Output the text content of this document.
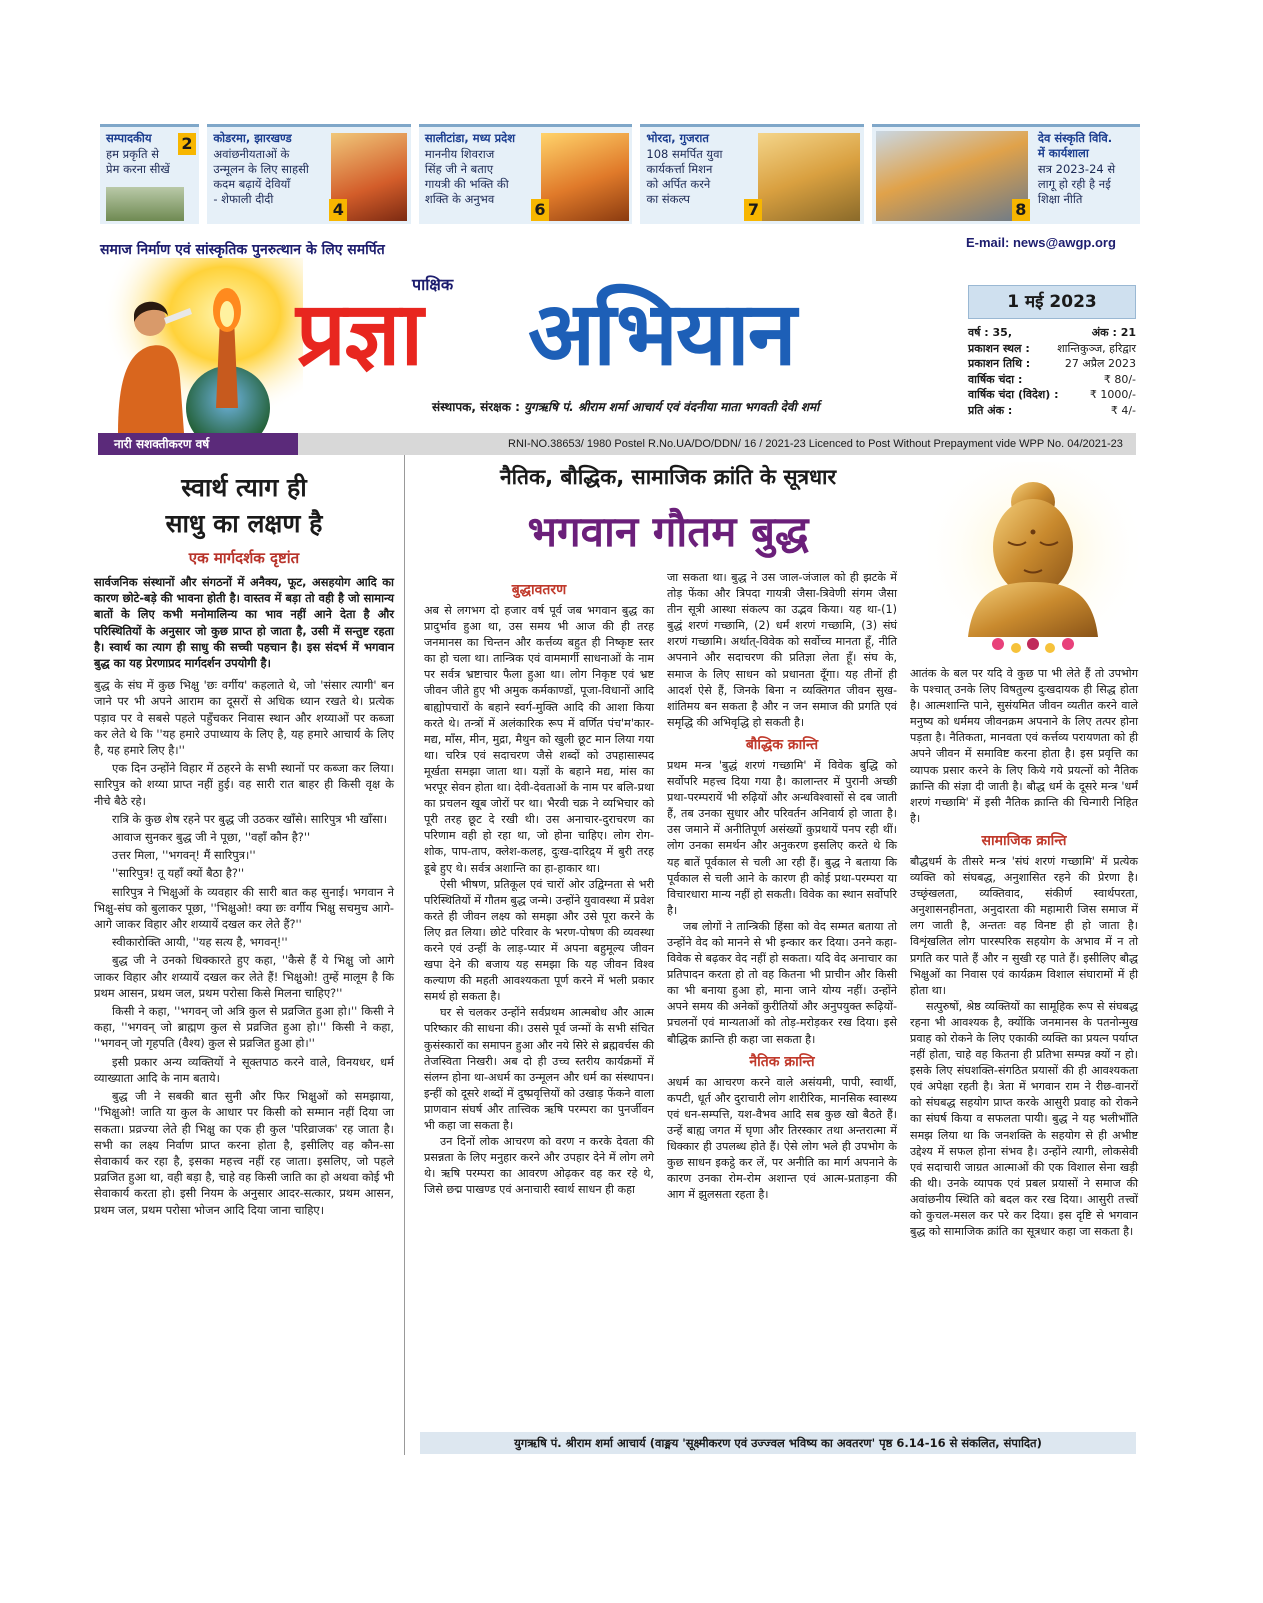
सम्पादकीय
हम प्रकृति से
प्रेम करना सीखें
2	कोडरमा, झारखण्ड
अवांछनीयताओं के
उन्मूलन के लिए साहसी
कदम बढ़ायें देवियाँ
- शेफाली दीदी
4
सालीटांडा, मध्य प्रदेश
माननीय शिवराज
सिंह जी ने बताए
गायत्री की भक्ति की
शक्ति के अनुभव
6
भोरदा, गुजरात
108 समर्पित युवा
कार्यकर्त्ता मिशन
को अर्पित करने
का संकल्प
7	8
देव संस्कृति विवि.
में कार्यशाला
सत्र 2023-24 से
लागू हो रही है नई
शिक्षा नीति
समाज निर्माण एवं सांस्कृतिक पुनरुत्थान के लिए समर्पित	E-mail: news@awgp.org
पाक्षिक
प्रज्ञा अभियान
संस्थापक, संरक्षक : युगऋषि पं. श्रीराम शर्मा आचार्य एवं वंदनीया माता भगवती देवी शर्मा
1 मई 2023
वर्ष : 35,	अंक : 21
प्रकाशन स्थल : शान्तिकुञ्ज, हरिद्वार
प्रकाशन तिथि :	27 अप्रैल 2023
वार्षिक चंदा :	₹ 80/-
वार्षिक चंदा (विदेश) :	₹ 1000/-
प्रति अंक :	₹ 4/-
नारी सशक्तीकरण वर्ष	RNI-NO.38653/ 1980 Postel R.No.UA/DO/DDN/ 16 / 2021-23 Licenced to Post Without Prepayment vide WPP No. 04/2021-23
स्वार्थ त्याग ही
साधु का लक्षण है
एक मार्गदर्शक दृष्टांत

सार्वजनिक संस्थानों और संगठनों में अनैक्य, फूट, असहयोग आदि का कारण छोटे-बड़े की भावना होती है। वास्तव में बड़ा तो वही है जो सामान्य बातों के लिए कभी मनोमालिन्य का भाव नहीं आने देता है और परिस्थितियों के अनुसार जो कुछ प्राप्त हो जाता है, उसी में सन्तुष्ट रहता है। स्वार्थ का त्याग ही साधु की सच्ची पहचान है। इस संदर्भ में भगवान बुद्ध का यह प्रेरणाप्रद मार्गदर्शन उपयोगी है।

बुद्ध के संघ में कुछ भिक्षु 'छः वर्गीय' कहलाते थे, जो 'संसार त्यागी' बन जाने पर भी अपने आराम का दूसरों से अधिक ध्यान रखते थे। प्रत्येक पड़ाव पर वे सबसे पहले पहुँचकर निवास स्थान और शय्याओं पर कब्जा कर लेते थे कि ''यह हमारे उपाध्याय के लिए है, यह हमारे आचार्य के लिए है, यह हमारे लिए है।''

एक दिन उन्होंने विहार में ठहरने के सभी स्थानों पर कब्जा कर लिया। सारिपुत्र को शय्या प्राप्त नहीं हुई। वह सारी रात बाहर ही किसी वृक्ष के नीचे बैठे रहे।

रात्रि के कुछ शेष रहने पर बुद्ध जी उठकर खाँसे। सारिपुत्र भी खाँसा।

आवाज सुनकर बुद्ध जी ने पूछा, ''वहाँ कौन है?''

उत्तर मिला, ''भगवन्! मैं सारिपुत्र।''

''सारिपुत्र! तू यहाँ क्यों बैठा है?''

सारिपुत्र ने भिक्षुओं के व्यवहार की सारी बात कह सुनाई। भगवान ने भिक्षु-संघ को बुलाकर पूछा, ''भिक्षुओ! क्या छः वर्गीय भिक्षु सचमुच आगे-आगे जाकर विहार और शय्यायें दखल कर लेते हैं?''

स्वीकारोक्ति आयी, ''यह सत्य है, भगवन्!''

बुद्ध जी ने उनको धिक्कारते हुए कहा, ''कैसे हैं ये भिक्षु जो आगे जाकर विहार और शय्यायें दखल कर लेते हैं! भिक्षुओ! तुम्हें मालूम है कि प्रथम आसन, प्रथम जल, प्रथम परोसा किसे मिलना चाहिए?''

किसी ने कहा, ''भगवन् जो अत्रि कुल से प्रव्रजित हुआ हो।'' किसी ने कहा, ''भगवन् जो ब्राह्मण कुल से प्रव्रजित हुआ हो।'' किसी ने कहा, ''भगवन् जो गृहपति (वैश्य) कुल से प्रव्रजित हुआ हो।''

इसी प्रकार अन्य व्यक्तियों ने सूक्तपाठ करने वाले, विनयधर, धर्म व्याख्याता आदि के नाम बताये।

बुद्ध जी ने सबकी बात सुनी और फिर भिक्षुओं को समझाया, ''भिक्षुओ! जाति या कुल के आधार पर किसी को सम्मान नहीं दिया जा सकता। प्रव्रज्या लेते ही भिक्षु का एक ही कुल 'परिव्राजक' रह जाता है। सभी का लक्ष्य निर्वाण प्राप्त करना होता है, इसीलिए वह कौन-सा सेवाकार्य कर रहा है, इसका महत्त्व नहीं रह जाता। इसलिए, जो पहले प्रव्रजित हुआ था, वही बड़ा है, चाहे वह किसी जाति का हो अथवा कोई भी सेवाकार्य करता हो। इसी नियम के अनुसार आदर-सत्कार, प्रथम आसन, प्रथम जल, प्रथम परोसा भोजन आदि दिया जाना चाहिए।

नैतिक, बौद्धिक, सामाजिक क्रांति के सूत्रधार
भगवान गौतम बुद्ध
बुद्धावतरण

अब से लगभग दो हजार वर्ष पूर्व जब भगवान बुद्ध का प्रादुर्भाव हुआ था, उस समय भी आज की ही तरह जनमानस का चिन्तन और कर्त्तव्य बहुत ही निष्कृष्ट स्तर का हो चला था। तान्त्रिक एवं वाममार्गी साधनाओं के नाम पर सर्वत्र भ्रष्टाचार फैला हुआ था। लोग निकृष्ट एवं भ्रष्ट जीवन जीते हुए भी अमुक कर्मकाण्डों, पूजा-विधानों आदि बाह्योपचारों के बहाने स्वर्ग-मुक्ति आदि की आशा किया करते थे। तन्त्रों में अलंकारिक रूप में वर्णित पंच'म'कार-मद्य, माँस, मीन, मुद्रा, मैथुन को खुली छूट मान लिया गया था। चरित्र एवं सदाचरण जैसे शब्दों को उपहासास्पद मूर्खता समझा जाता था। यज्ञों के बहाने मद्य, मांस का भरपूर सेवन होता था। देवी-देवताओं के नाम पर बलि-प्रथा का प्रचलन खूब जोरों पर था। भैरवी चक्र ने व्यभिचार को पूरी तरह छूट दे रखी थी। उस अनाचार-दुराचरण का परिणाम वही हो रहा था, जो होना चाहिए। लोग रोग-शोक, पाप-ताप, क्लेश-कलह, दुःख-दारिद्र्य में बुरी तरह डूबे हुए थे। सर्वत्र अशान्ति का हा-हाकार था।

ऐसी भीषण, प्रतिकूल एवं चारों ओर उद्विग्नता से भरी परिस्थितियों में गौतम बुद्ध जन्मे। उन्होंने युवावस्था में प्रवेश करते ही जीवन लक्ष्य को समझा और उसे पूरा करने के लिए व्रत लिया। छोटे परिवार के भरण-पोषण की व्यवस्था करने एवं उन्हीं के लाड़-प्यार में अपना बहुमूल्य जीवन खपा देने की बजाय यह समझा कि यह जीवन विश्व कल्याण की महती आवश्यकता पूर्ण करने में भली प्रकार समर्थ हो सकता है।

घर से चलकर उन्होंने सर्वप्रथम आत्मबोध और आत्म परिष्कार की साधना की। उससे पूर्व जन्मों के सभी संचित कुसंस्कारों का समापन हुआ और नये सिरे से ब्रह्मवर्चस की तेजस्विता निखरी। अब दो ही उच्च स्तरीय कार्यक्रमों में संलग्न होना था-अधर्म का उन्मूलन और धर्म का संस्थापन। इन्हीं को दूसरे शब्दों में दुष्प्रवृत्तियों को उखाड़ फेंकने वाला प्राणवान संघर्ष और तात्त्विक ऋषि परम्परा का पुनर्जीवन भी कहा जा सकता है।

उन दिनों लोक आचरण को वरण न करके देवता की प्रसन्नता के लिए मनुहार करने और उपहार देने में लोग लगे थे। ऋषि परम्परा का आवरण ओढ़कर वह कर रहे थे, जिसे छद्म पाखण्ड एवं अनाचारी स्वार्थ साधन ही कहा

जा सकता था। बुद्ध ने उस जाल-जंजाल को ही झटके में तोड़ फेंका और त्रिपदा गायत्री जैसा-त्रिवेणी संगम जैसा तीन सूत्री आस्था संकल्प का उद्भव किया। यह था-(1) बुद्धं शरणं गच्छामि, (2) धर्मं शरणं गच्छामि, (3) संघं शरणं गच्छामि। अर्थात्-विवेक को सर्वोच्च मानता हूँ, नीति अपनाने और सदाचरण की प्रतिज्ञा लेता हूँ। संघ के, समाज के लिए साधन को प्रधानता दूँगा। यह तीनों ही आदर्श ऐसे हैं, जिनके बिना न व्यक्तिगत जीवन सुख-शांतिमय बन सकता है और न जन समाज की प्रगति एवं समृद्धि की अभिवृद्धि हो सकती है।

बौद्धिक क्रान्ति

प्रथम मन्त्र 'बुद्धं शरणं गच्छामि' में विवेक बुद्धि को सर्वोपरि महत्त्व दिया गया है। कालान्तर में पुरानी अच्छी प्रथा-परम्परायें भी रुढ़ियों और अन्धविश्वासों से दब जाती हैं, तब उनका सुधार और परिवर्तन अनिवार्य हो जाता है। उस जमाने में अनीतिपूर्ण असंख्यों कुप्रथायें पनप रही थीं। लोग उनका समर्थन और अनुकरण इसलिए करते थे कि यह बातें पूर्वकाल से चली आ रही हैं। बुद्ध ने बताया कि पूर्वकाल से चली आने के कारण ही कोई प्रथा-परम्परा या विचारधारा मान्य नहीं हो सकती। विवेक का स्थान सर्वोपरि है।

जब लोगों ने तान्त्रिकी हिंसा को वेद सम्मत बताया तो उन्होंने वेद को मानने से भी इन्कार कर दिया। उनने कहा-विवेक से बढ़कर वेद नहीं हो सकता। यदि वेद अनाचार का प्रतिपादन करता हो तो वह कितना भी प्राचीन और किसी का भी बनाया हुआ हो, माना जाने योग्य नहीं। उन्होंने अपने समय की अनेकों कुरीतियों और अनुपयुक्त रूढ़ियों-प्रचलनों एवं मान्यताओं को तोड़-मरोड़कर रख दिया। इसे बौद्धिक क्रान्ति ही कहा जा सकता है।

नैतिक क्रान्ति

अधर्म का आचरण करने वाले असंयमी, पापी, स्वार्थी, कपटी, धूर्त और दुराचारी लोग शारीरिक, मानसिक स्वास्थ्य एवं धन-सम्पत्ति, यश-वैभव आदि सब कुछ खो बैठते हैं। उन्हें बाह्य जगत में घृणा और तिरस्कार तथा अन्तरात्मा में धिक्कार ही उपलब्ध होते हैं। ऐसे लोग भले ही उपभोग के कुछ साधन इकट्ठे कर लें, पर अनीति का मार्ग अपनाने के कारण उनका रोम-रोम अशान्त एवं आत्म-प्रताड़ना की आग में झुलसता रहता है।

आतंक के बल पर यदि वे कुछ पा भी लेते हैं तो उपभोग के पश्चात् उनके लिए विषतुल्य दुःखदायक ही सिद्ध होता है। आत्मशान्ति पाने, सुसंयमित जीवन व्यतीत करने वाले मनुष्य को धर्ममय जीवनक्रम अपनाने के लिए तत्पर होना पड़ता है। नैतिकता, मानवता एवं कर्त्तव्य परायणता को ही अपने जीवन में समाविष्ट करना होता है। इस प्रवृत्ति का व्यापक प्रसार करने के लिए किये गये प्रयत्नों को नैतिक क्रान्ति की संज्ञा दी जाती है। बौद्ध धर्म के दूसरे मन्त्र 'धर्मं शरणं गच्छामि' में इसी नैतिक क्रान्ति की चिन्गारी निहित है।

सामाजिक क्रान्ति

बौद्धधर्म के तीसरे मन्त्र 'संघं शरणं गच्छामि' में प्रत्येक व्यक्ति को संघबद्ध, अनुशासित रहने की प्रेरणा है। उच्छृंखलता, व्यक्तिवाद, संकीर्ण स्वार्थपरता, अनुशासनहीनता, अनुदारता की महामारी जिस समाज में लग जाती है, अन्ततः वह विनष्ट ही हो जाता है। विशृंखलित लोग पारस्परिक सहयोग के अभाव में न तो प्रगति कर पाते हैं और न सुखी रह पाते हैं। इसीलिए बौद्ध भिक्षुओं का निवास एवं कार्यक्रम विशाल संघारामों में ही होता था।

सत्पुरुषों, श्रेष्ठ व्यक्तियों का सामूहिक रूप से संघबद्ध रहना भी आवश्यक है, क्योंकि जनमानस के पतनोन्मुख प्रवाह को रोकने के लिए एकाकी व्यक्ति का प्रयत्न पर्याप्त नहीं होता, चाहे वह कितना ही प्रतिभा सम्पन्न क्यों न हो। इसके लिए संघशक्ति-संगठित प्रयासों की ही आवश्यकता एवं अपेक्षा रहती है। त्रेता में भगवान राम ने रीछ-वानरों को संघबद्ध सहयोग प्राप्त करके आसुरी प्रवाह को रोकने का संघर्ष किया व सफलता पायी। बुद्ध ने यह भलीभाँति समझ लिया था कि जनशक्ति के सहयोग से ही अभीष्ट उद्देश्य में सफल होना संभव है। उन्होंने त्यागी, लोकसेवी एवं सदाचारी जाग्रत आत्माओं की एक विशाल सेना खड़ी की थी। उनके व्यापक एवं प्रबल प्रयासों ने समाज की अवांछनीय स्थिति को बदल कर रख दिया। आसुरी तत्त्वों को कुचल-मसल कर परे कर दिया। इस दृष्टि से भगवान बुद्ध को सामाजिक क्रांति का सूत्रधार कहा जा सकता है।

युगऋषि पं. श्रीराम शर्मा आचार्य (वाङ्मय 'सूक्ष्मीकरण एवं उज्ज्वल भविष्य का अवतरण' पृष्ठ 6.14-16 से संकलित, संपादित)
